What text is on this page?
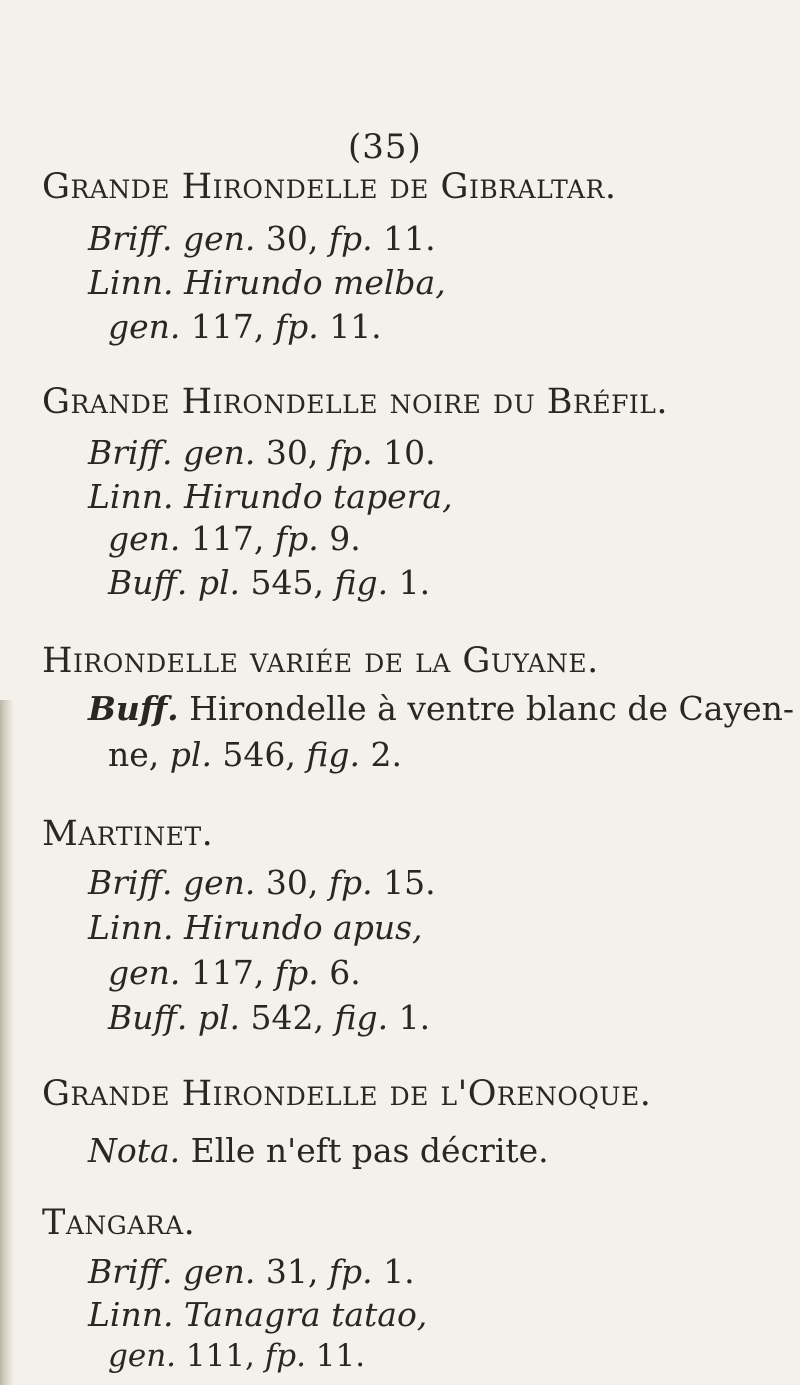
(35)
Grande Hirondelle de Gibraltar.
Briff. gen. 30, fp. 11.
Linn. Hirundo melba,
gen. 117, fp. 11.
Grande Hirondelle noire du Bréfil.
Briff. gen. 30, fp. 10.
Linn. Hirundo tapera,
gen. 117, fp. 9.
Buff. pl. 545, fig. 1.
Hirondelle variée de la Guyane.
Buff. Hirondelle à ventre blanc de Cayen-
ne, pl. 546, fig. 2.
Martinet.
Briff. gen. 30, fp. 15.
Linn. Hirundo apus,
gen. 117, fp. 6.
Buff. pl. 542, fig. 1.
Grande Hirondelle de l'Orenoque.
Nota. Elle n'eft pas décrite.
Tangara.
Briff. gen. 31, fp. 1.
Linn. Tanagra tatao,
gen. 111, fp. 11.
